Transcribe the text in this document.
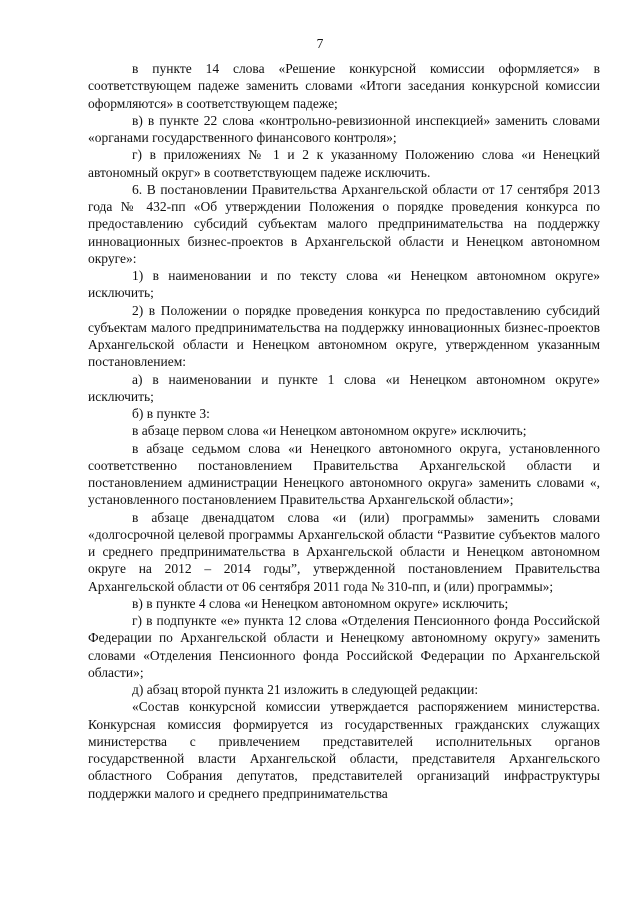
7

в пункте 14 слова «Решение конкурсной комиссии оформляется» в соответствующем падеже заменить словами «Итоги заседания конкурсной комиссии оформляются» в соответствующем падеже;

в) в пункте 22 слова «контрольно-ревизионной инспекцией» заменить словами «органами государственного финансового контроля»;

г) в приложениях № 1 и 2 к указанному Положению слова «и Ненецкий автономный округ» в соответствующем падеже исключить.

6. В постановлении Правительства Архангельской области от 17 сентября 2013 года № 432-пп «Об утверждении Положения о порядке проведения конкурса по предоставлению субсидий субъектам малого предпринимательства на поддержку инновационных бизнес-проектов в Архангельской области и Ненецком автономном округе»:

1) в наименовании и по тексту слова «и Ненецком автономном округе» исключить;

2) в Положении о порядке проведения конкурса по предоставлению субсидий субъектам малого предпринимательства на поддержку инновационных бизнес-проектов Архангельской области и Ненецком автономном округе, утвержденном указанным постановлением:

а) в наименовании и пункте 1 слова «и Ненецком автономном округе» исключить;

б) в пункте 3:

в абзаце первом слова «и Ненецком автономном округе» исключить;

в абзаце седьмом слова «и Ненецкого автономного округа, установленного соответственно постановлением Правительства Архангельской области и постановлением администрации Ненецкого автономного округа» заменить словами «, установленного постановлением Правительства Архангельской области»;

в абзаце двенадцатом слова «и (или) программы» заменить словами «долгосрочной целевой программы Архангельской области “Развитие субъектов малого и среднего предпринимательства в Архангельской области и Ненецком автономном округе на 2012 – 2014 годы”, утвержденной постановлением Правительства Архангельской области от 06 сентября 2011 года № 310-пп, и (или) программы»;

в) в пункте 4 слова «и Ненецком автономном округе» исключить;

г) в подпункте «е» пункта 12 слова «Отделения Пенсионного фонда Российской Федерации по Архангельской области и Ненецкому автономному округу» заменить словами «Отделения Пенсионного фонда Российской Федерации по Архангельской области»;

д) абзац второй пункта 21 изложить в следующей редакции:

«Состав конкурсной комиссии утверждается распоряжением министерства. Конкурсная комиссия формируется из государственных гражданских служащих министерства с привлечением представителей исполнительных органов государственной власти Архангельской области, представителя Архангельского областного Собрания депутатов, представителей организаций инфраструктуры поддержки малого и среднего предпринимательства
